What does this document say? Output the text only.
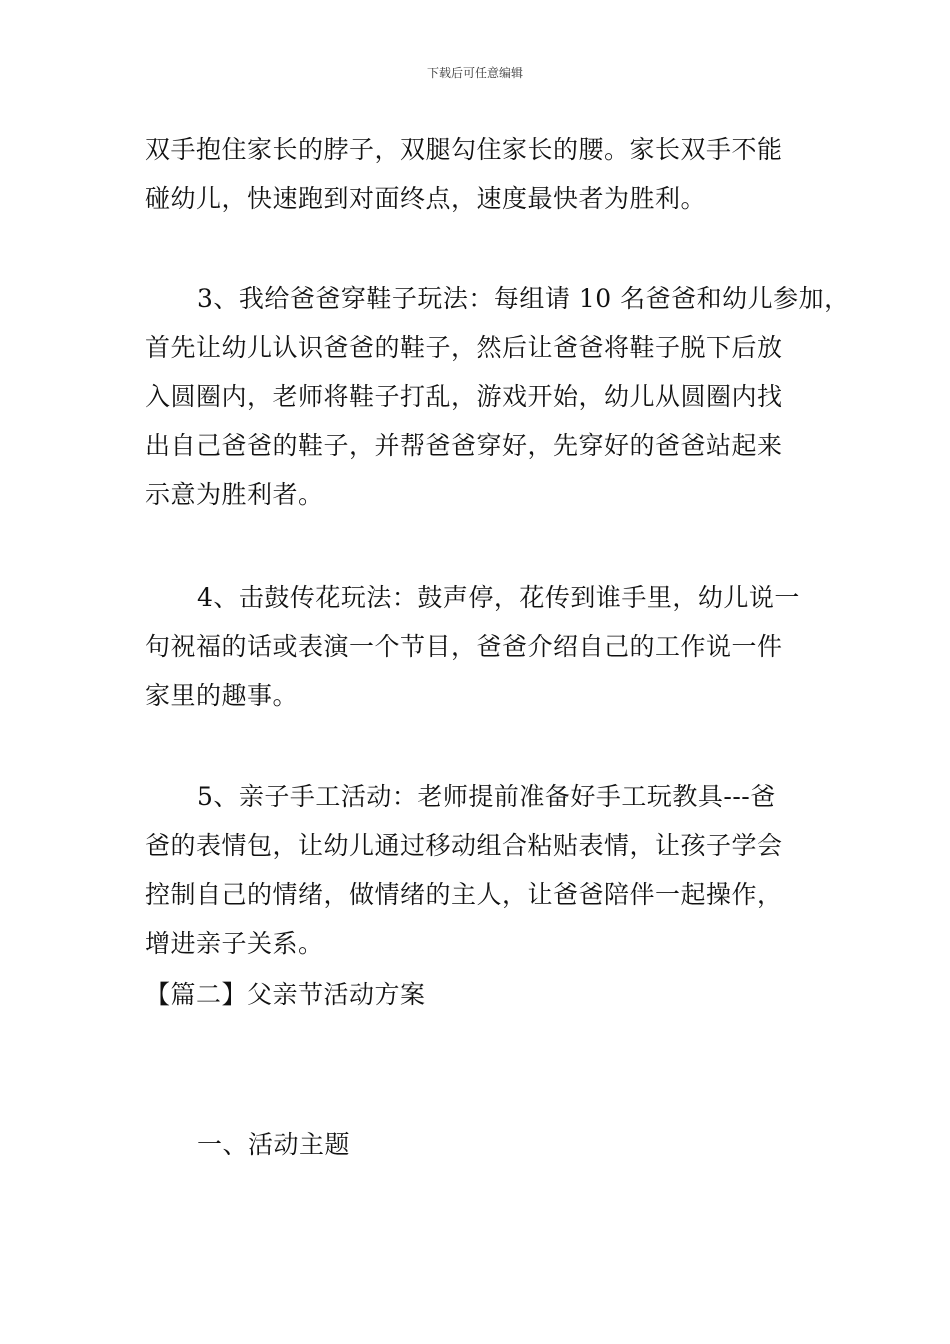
下载后可任意编辑
双手抱住家长的脖子，双腿勾住家长的腰。家长双手不能
碰幼儿，快速跑到对面终点，速度最快者为胜利。
3、我给爸爸穿鞋子玩法：每组请 10 名爸爸和幼儿参加，
首先让幼儿认识爸爸的鞋子，然后让爸爸将鞋子脱下后放
入圆圈内，老师将鞋子打乱，游戏开始，幼儿从圆圈内找
出自己爸爸的鞋子，并帮爸爸穿好，先穿好的爸爸站起来
示意为胜利者。
4、击鼓传花玩法：鼓声停，花传到谁手里，幼儿说一
句祝福的话或表演一个节目，爸爸介绍自己的工作说一件
家里的趣事。
5、亲子手工活动：老师提前准备好手工玩教具---爸
爸的表情包，让幼儿通过移动组合粘贴表情，让孩子学会
控制自己的情绪，做情绪的主人，让爸爸陪伴一起操作，
增进亲子关系。
【篇二】父亲节活动方案
一、活动主题
